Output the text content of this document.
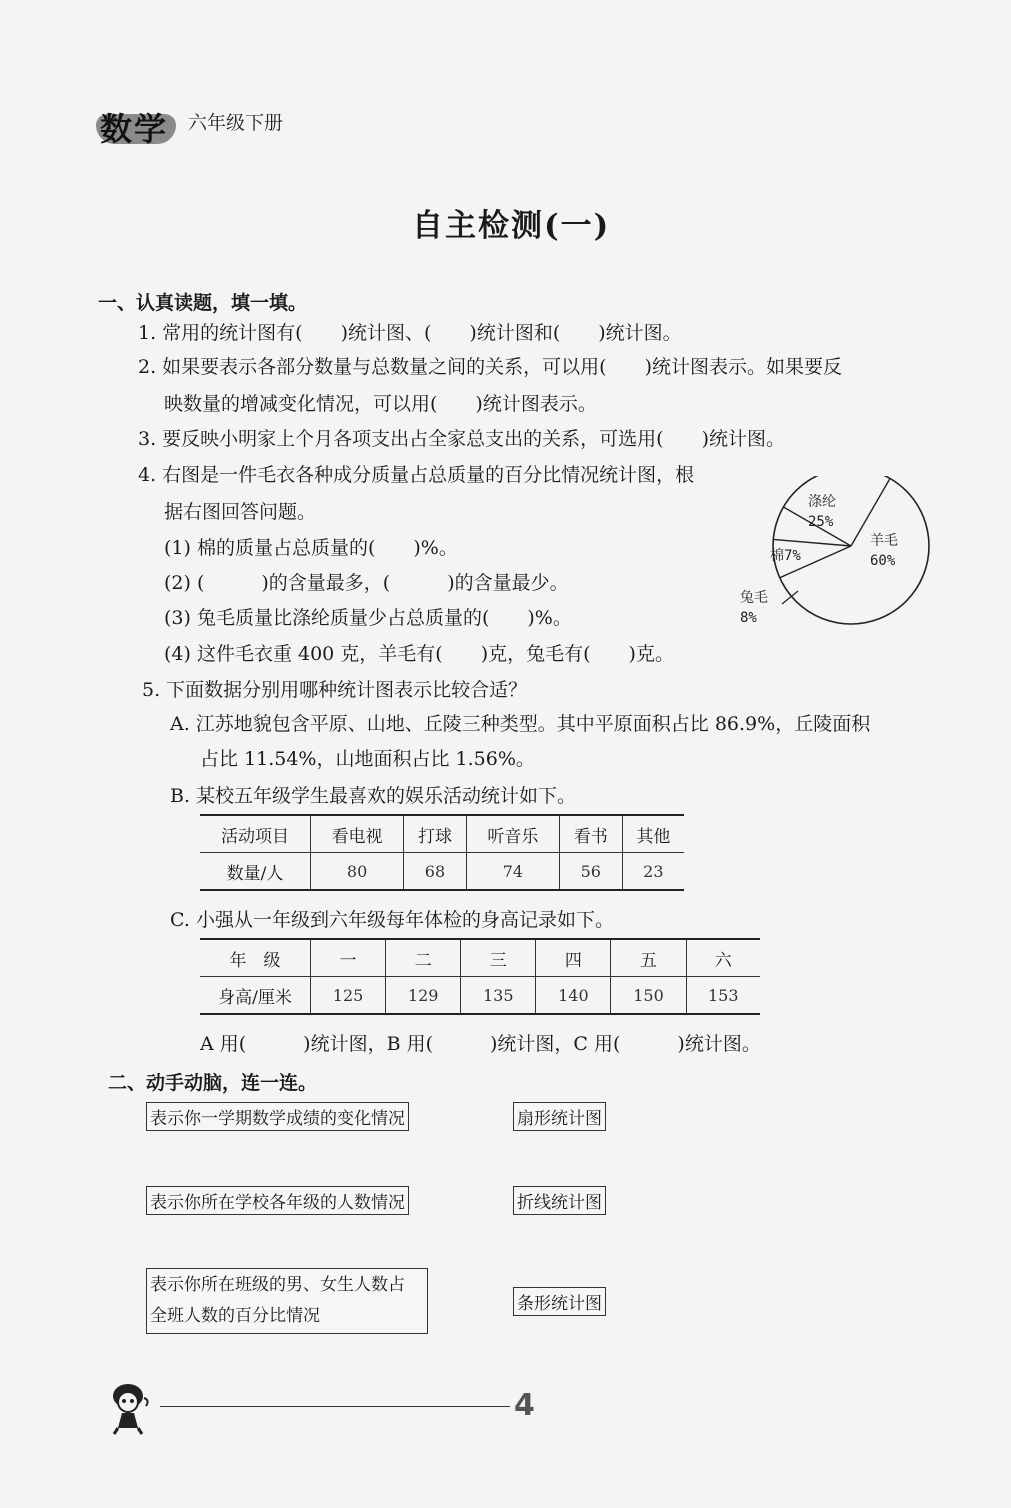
数学 六年级下册
自主检测(一)
一、认真读题，填一填。
1. 常用的统计图有(　　)统计图、(　　)统计图和(　　)统计图。
2. 如果要表示各部分数量与总数量之间的关系，可以用(　　)统计图表示。如果要反
映数量的增减变化情况，可以用(　　)统计图表示。
3. 要反映小明家上个月各项支出占全家总支出的关系，可选用(　　)统计图。
4. 右图是一件毛衣各种成分质量占总质量的百分比情况统计图，根
据右图回答问题。
(1) 棉的质量占总质量的(　　)%。
(2) (　　　)的含量最多，(　　　)的含量最少。
(3) 兔毛质量比涤纶质量少占总质量的(　　)%。
(4) 这件毛衣重 400 克，羊毛有(　　)克，兔毛有(　　)克。
羊毛
60%
兔毛
8%
棉7%
涤纶
25%
5. 下面数据分别用哪种统计图表示比较合适？
A. 江苏地貌包含平原、山地、丘陵三种类型。其中平原面积占比 86.9%，丘陵面积
占比 11.54%，山地面积占比 1.56%。
B. 某校五年级学生最喜欢的娱乐活动统计如下。
活动项目	看电视	打球	听音乐	看书	其他
数量/人	80	68	74	56	23
C. 小强从一年级到六年级每年体检的身高记录如下。
年　级	一	二	三	四	五	六
身高/厘米	125	129	135	140	150	153
A 用(　　　)统计图，B 用(　　　)统计图，C 用(　　　)统计图。
二、动手动脑，连一连。
表示你一学期数学成绩的变化情况
表示你所在学校各年级的人数情况
表示你所在班级的男、女生人数占
全班人数的百分比情况
扇形统计图
折线统计图
条形统计图
4
